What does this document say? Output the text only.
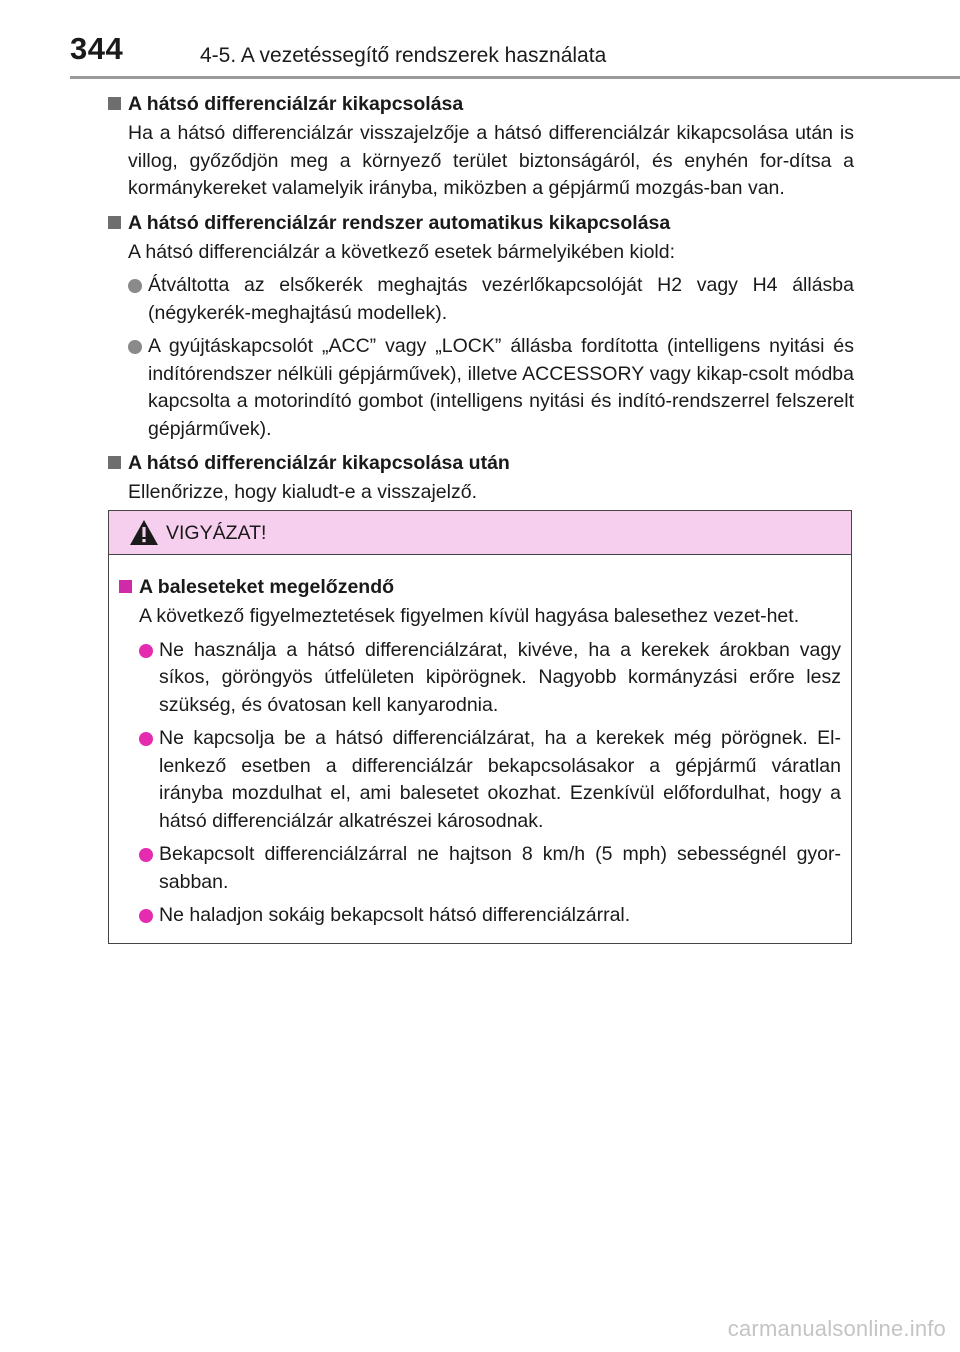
344	4-5. A vezetéssegítő rendszerek használata
A hátsó differenciálzár kikapcsolása
Ha a hátsó differenciálzár visszajelzője a hátsó differenciálzár kikapcsolása után is villog, győződjön meg a környező terület biztonságáról, és enyhén for-dítsa a kormánykereket valamelyik irányba, miközben a gépjármű mozgás-ban van.
A hátsó differenciálzár rendszer automatikus kikapcsolása
A hátsó differenciálzár a következő esetek bármelyikében kiold:
Átváltotta az elsőkerék meghajtás vezérlőkapcsolóját H2 vagy H4 állásba (négykerék-meghajtású modellek).
A gyújtáskapcsolót „ACC” vagy „LOCK” állásba fordította (intelligens nyitási és indítórendszer nélküli gépjárművek), illetve ACCESSORY vagy kikap-csolt módba kapcsolta a motorindító gombot (intelligens nyitási és indító-rendszerrel felszerelt gépjárművek).
A hátsó differenciálzár kikapcsolása után
Ellenőrizze, hogy kialudt-e a visszajelző.
VIGYÁZAT!
A baleseteket megelőzendő
A következő figyelmeztetések figyelmen kívül hagyása balesethez vezet-het.
Ne használja a hátsó differenciálzárat, kivéve, ha a kerekek árokban vagy síkos, göröngyös útfelületen kipörögnek. Nagyobb kormányzási erőre lesz szükség, és óvatosan kell kanyarodnia.
Ne kapcsolja be a hátsó differenciálzárat, ha a kerekek még pörögnek. El-lenkező esetben a differenciálzár bekapcsolásakor a gépjármű váratlan irányba mozdulhat el, ami balesetet okozhat. Ezenkívül előfordulhat, hogy a hátsó differenciálzár alkatrészei károsodnak.
Bekapcsolt differenciálzárral ne hajtson 8 km/h (5 mph) sebességnél gyor-sabban.
Ne haladjon sokáig bekapcsolt hátsó differenciálzárral.
carmanualsonline.info
